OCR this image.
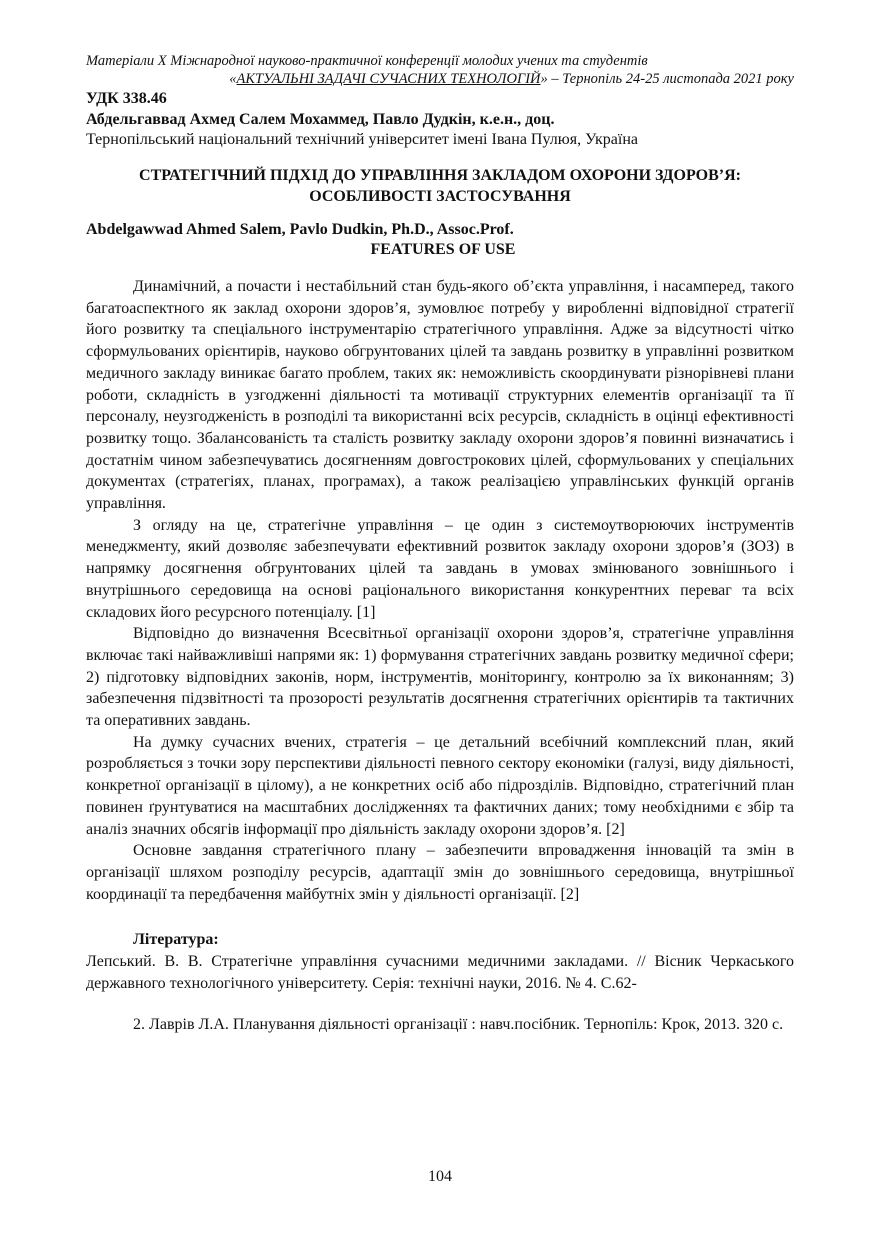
Матеріали X Міжнародної науково-практичної конференції молодих учених та студентів
«АКТУАЛЬНІ ЗАДАЧІ СУЧАСНИХ ТЕХНОЛОГІЙ» – Тернопіль 24-25 листопада 2021 року
УДК 338.46
Абдельгаввад Ахмед Салем Мохаммед, Павло Дудкін, к.е.н., доц.
Тернопільський національний технічний університет імені Івана Пулюя, Україна
СТРАТЕГІЧНИЙ ПІДХІД ДО УПРАВЛІННЯ ЗАКЛАДОМ ОХОРОНИ ЗДОРОВ’Я:
ОСОБЛИВОСТІ ЗАСТОСУВАННЯ
Abdelgawwad Ahmed Salem, Pavlo Dudkin, Ph.D., Assoc.Prof.
FEATURES OF USE

Динамічний, а почасти і нестабільний стан будь-якого об’єкта управління, і насамперед, такого багатоаспектного як заклад охорони здоров’я, зумовлює потребу у виробленні відповідної стратегії його розвитку та спеціального інструментарію стратегічного управління. Адже за відсутності чітко сформульованих орієнтирів, науково обгрунтованих цілей та завдань розвитку в управлінні розвитком медичного закладу виникає багато проблем, таких як: неможливість скоординувати різнорівневі плани роботи, складність в узгодженні діяльності та мотивації структурних елементів організації та її персоналу, неузгодженість в розподілі та використанні всіх ресурсів, складність в оцінці ефективності розвитку тощо. Збалансованість та сталість розвитку закладу охорони здоров’я повинні визначатись і достатнім чином забезпечуватись досягненням довгострокових цілей, сформульованих у спеціальних документах (стратегіях, планах, програмах), а також реалізацією управлінських функцій органів управління.

З огляду на це, стратегічне управління – це один з системоутворюючих інструментів менеджменту, який дозволяє забезпечувати ефективний розвиток закладу охорони здоров’я (ЗОЗ) в напрямку досягнення обгрунтованих цілей та завдань в умовах змінюваного зовнішнього і внутрішнього середовища на основі раціонального використання конкурентних переваг та всіх складових його ресурсного потенціалу. [1]

Відповідно до визначення Всесвітньої організації охорони здоров’я, стратегічне управління включає такі найважливіші напрями як: 1) формування стратегічних завдань розвитку медичної сфери; 2) підготовку відповідних законів, норм, інструментів, моніторингу, контролю за їх виконанням; 3) забезпечення підзвітності та прозорості результатів досягнення стратегічних орієнтирів та тактичних та оперативних завдань.

На думку сучасних вчених, стратегія – це детальний всебічний комплексний план, який розробляється з точки зору перспективи діяльності певного сектору економіки (галузі, виду діяльності, конкретної організації в цілому), а не конкретних осіб або підрозділів. Відповідно, стратегічний план повинен ґрунтуватися на масштабних дослідженнях та фактичних даних; тому необхідними є збір та аналіз значних обсягів інформації про діяльність закладу охорони здоров’я. [2]

Основне завдання стратегічного плану – забезпечити впровадження інновацій та змін в організації шляхом розподілу ресурсів, адаптації змін до зовнішнього середовища, внутрішньої координації та передбачення майбутніх змін у діяльності організації. [2]

Література:
Лепський. В. В. Стратегічне управління сучасними медичними закладами. // Вісник Черкаського державного технологічного університету. Серія: технічні науки, 2016. № 4. С.62-
2. Лаврів Л.А. Планування діяльності організації : навч.посібник. Тернопіль: Крок, 2013. 320 с.
104
